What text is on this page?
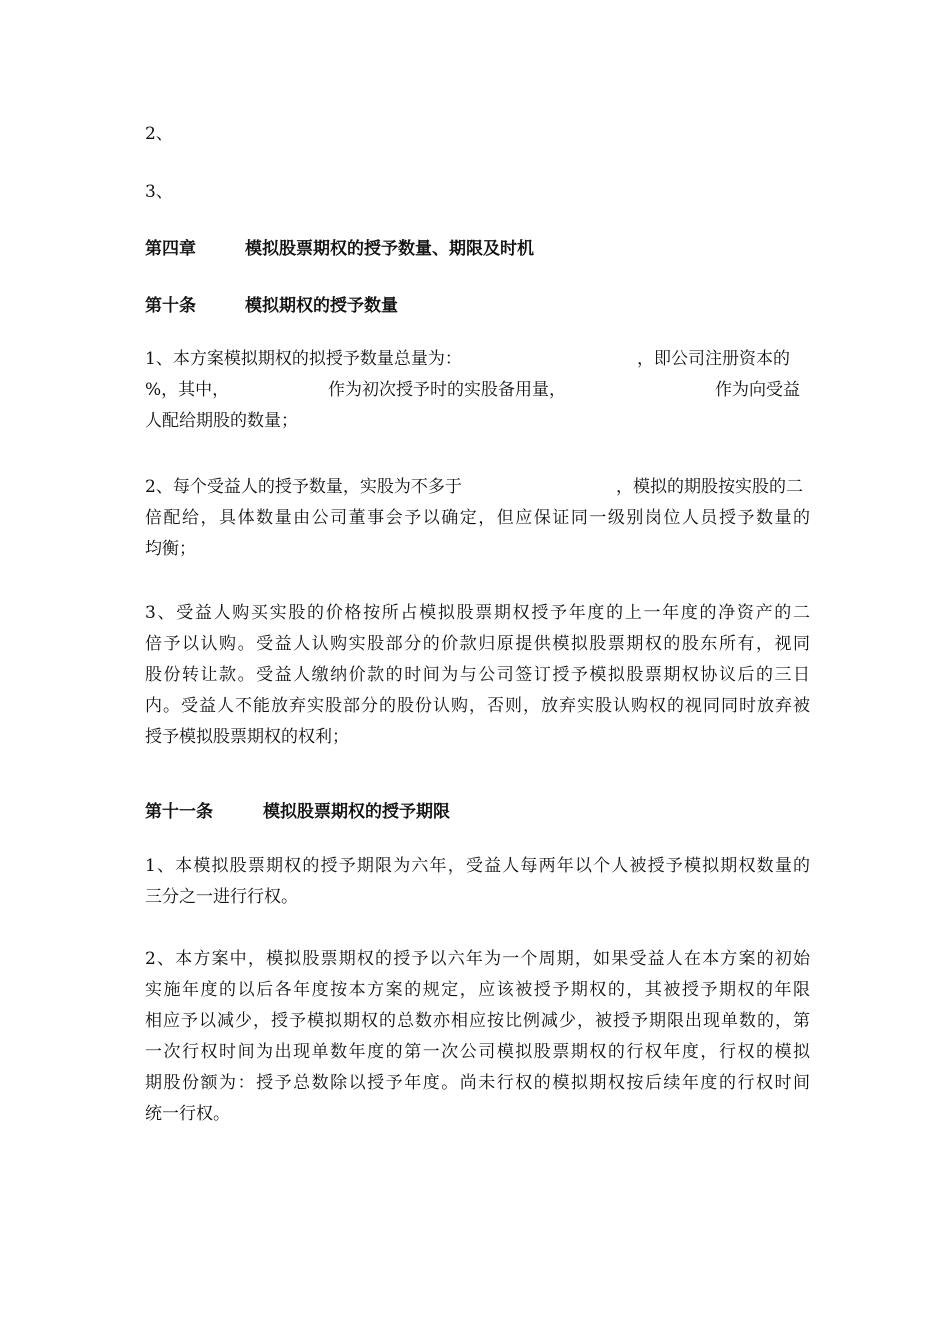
2、
3、
第四章	模拟股票期权的授予数量、期限及时机
第十条	模拟期权的授予数量
1、本方案模拟期权的拟授予数量总量为：	，即公司注册资本的
%，其中，	作为初次授予时的实股备用量，	作为向受益
人配给期股的数量；
2、每个受益人的授予数量，实股为不多于	，模拟的期股按实股的二
倍配给，具体数量由公司董事会予以确定，但应保证同一级别岗位人员授予数量的
均衡；
3、受益人购买实股的价格按所占模拟股票期权授予年度的上一年度的净资产的二
倍予以认购。受益人认购实股部分的价款归原提供模拟股票期权的股东所有，视同
股份转让款。受益人缴纳价款的时间为与公司签订授予模拟股票期权协议后的三日
内。受益人不能放弃实股部分的股份认购，否则，放弃实股认购权的视同同时放弃被
授予模拟股票期权的权利；
第十一条	模拟股票期权的授予期限
1、本模拟股票期权的授予期限为六年，受益人每两年以个人被授予模拟期权数量的
三分之一进行行权。
2、本方案中，模拟股票期权的授予以六年为一个周期，如果受益人在本方案的初始
实施年度的以后各年度按本方案的规定，应该被授予期权的，其被授予期权的年限
相应予以减少，授予模拟期权的总数亦相应按比例减少，被授予期限出现单数的，第
一次行权时间为出现单数年度的第一次公司模拟股票期权的行权年度，行权的模拟
期股份额为：授予总数除以授予年度。尚未行权的模拟期权按后续年度的行权时间
统一行权。
